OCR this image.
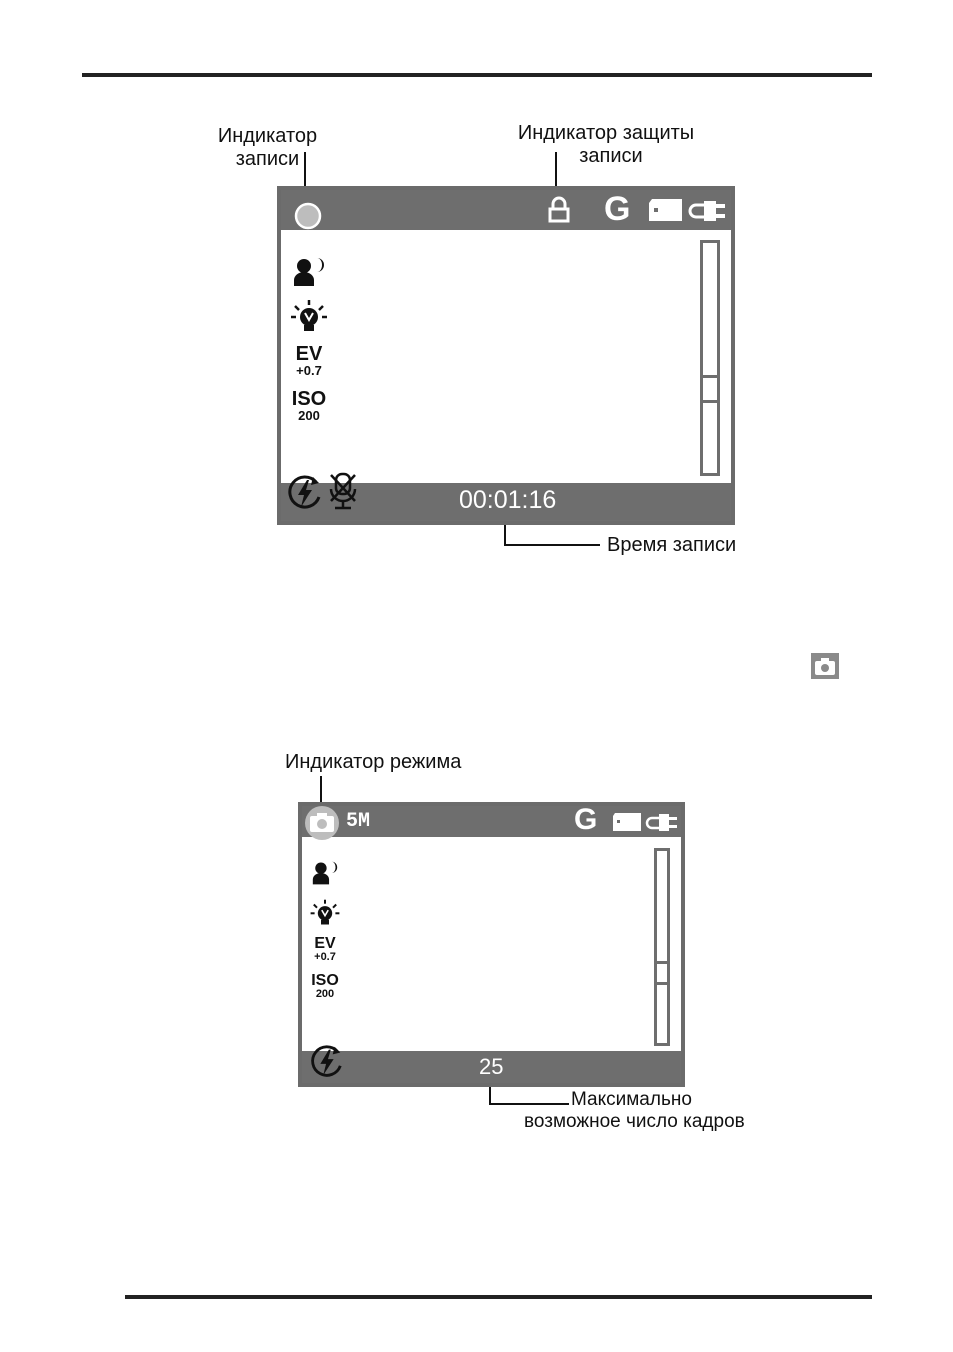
Индикатор
записи
Индикатор защиты
записи
G
EV
+0.7
ISO
200
00:01:16
Время записи
Индикатор режима
5M	G
EV
+0.7
ISO
200
25
Максимально
возможное число кадров
